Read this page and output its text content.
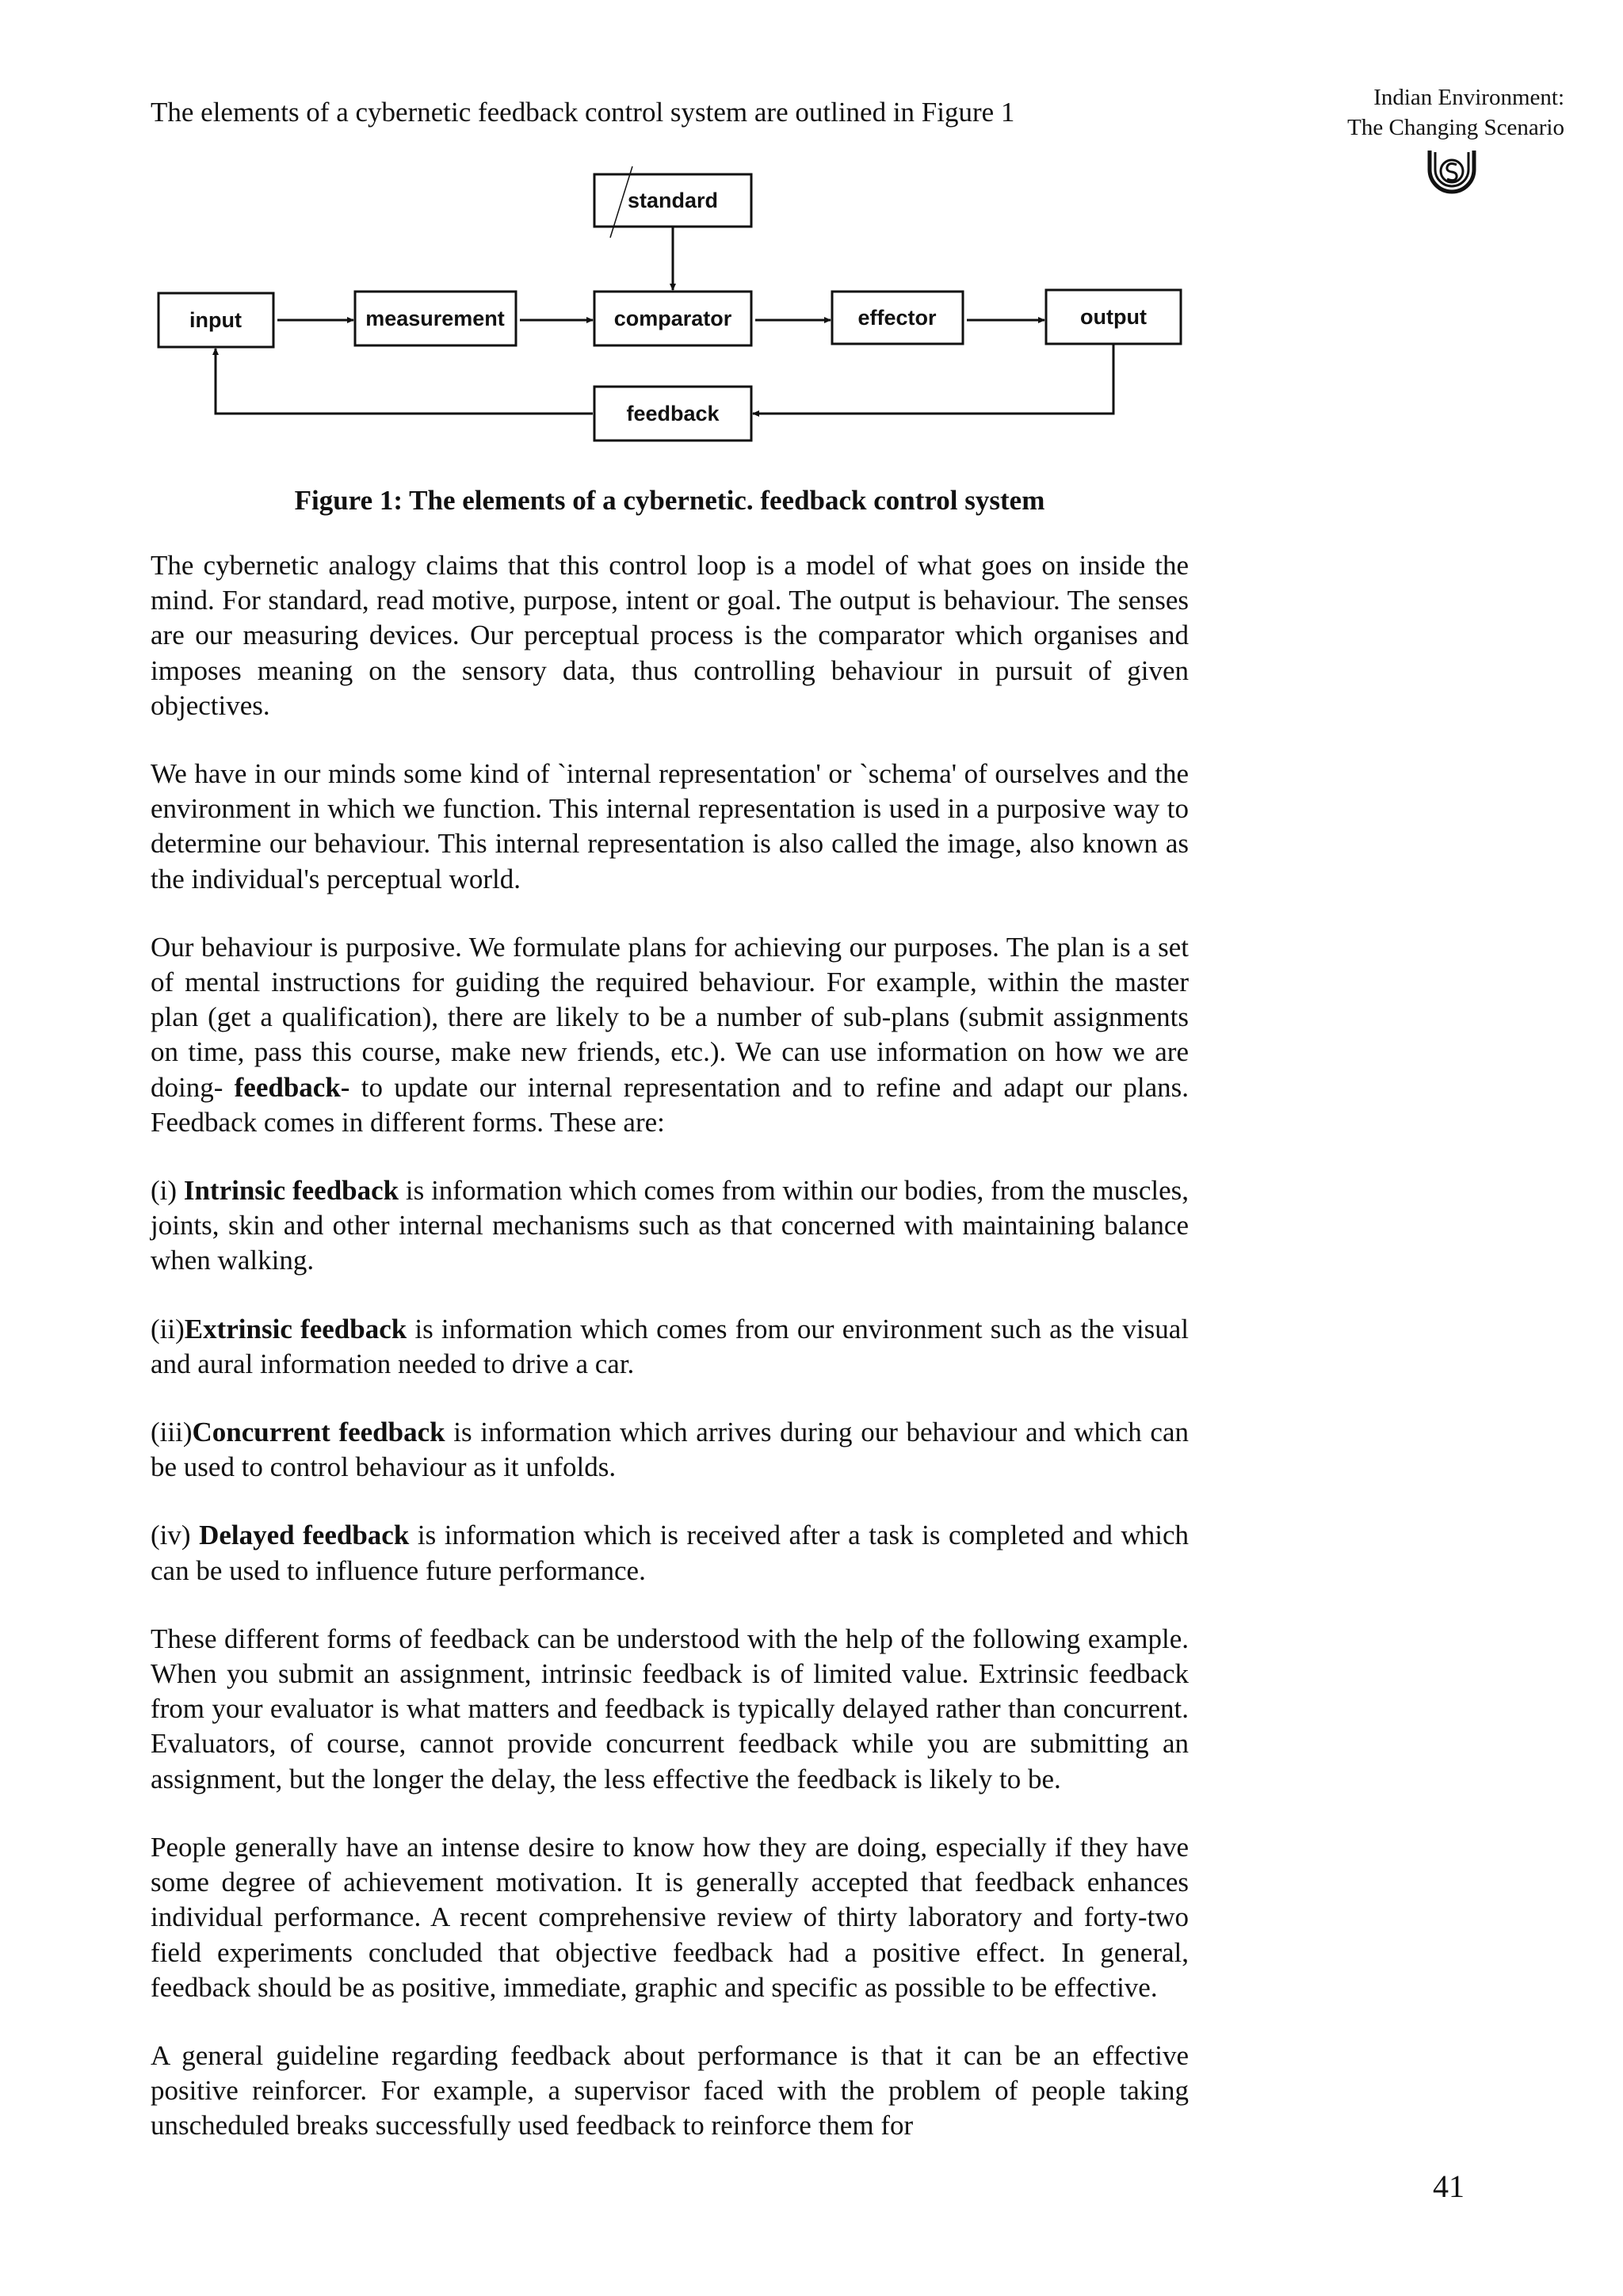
The elements of a cybernetic feedback control system are outlined in Figure 1	Indian Environment:
The Changing Scenario
standard
input	measurement	comparator	effector	output
feedback

Figure 1: The elements of a cybernetic. feedback control system

The cybernetic analogy claims that this control loop is a model of what goes on inside the mind. For standard, read motive, purpose, intent or goal. The output is behaviour. The senses are our measuring devices. Our perceptual process is the comparator which organises and imposes meaning on the sensory data, thus controlling behaviour in pursuit of given objectives.

We have in our minds some kind of `internal representation' or `schema' of ourselves and the environment in which we function. This internal representation is used in a purposive way to determine our behaviour. This internal representation is also called the image, also known as the individual's perceptual world.

Our behaviour is purposive. We formulate plans for achieving our purposes. The plan is a set of mental instructions for guiding the required behaviour. For example, within the master plan (get a qualification), there are likely to be a number of sub-plans (submit assignments on time, pass this course, make new friends, etc.). We can use information on how we are doing- feedback- to update our internal representation and to refine and adapt our plans. Feedback comes in different forms. These are:

(i) Intrinsic feedback is information which comes from within our bodies, from the muscles, joints, skin and other internal mechanisms such as that concerned with maintaining balance when walking.

(ii)Extrinsic feedback is information which comes from our environment such as the visual and aural information needed to drive a car.

(iii)Concurrent feedback is information which arrives during our behaviour and which can be used to control behaviour as it unfolds.

(iv) Delayed feedback is information which is received after a task is completed and which can be used to influence future performance.

These different forms of feedback can be understood with the help of the following example. When you submit an assignment, intrinsic feedback is of limited value. Extrinsic feedback from your evaluator is what matters and feedback is typically delayed rather than concurrent. Evaluators, of course, cannot provide concurrent feedback while you are submitting an assignment, but the longer the delay, the less effective the feedback is likely to be.

People generally have an intense desire to know how they are doing, especially if they have some degree of achievement motivation. It is generally accepted that feedback enhances individual performance. A recent comprehensive review of thirty laboratory and forty-two field experiments concluded that objective feedback had a positive effect. In general, feedback should be as positive, immediate, graphic and specific as possible to be effective.

A general guideline regarding feedback about performance is that it can be an effective positive reinforcer. For example, a supervisor faced with the problem of people taking unscheduled breaks successfully used feedback to reinforce them for

41
